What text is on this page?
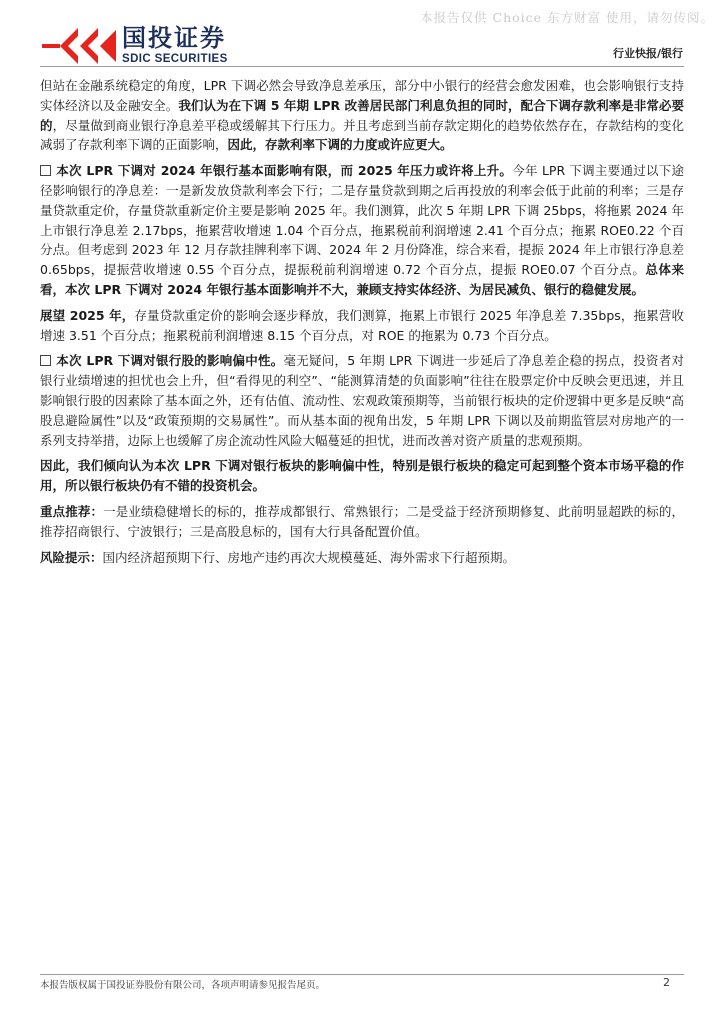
本报告仅供 Choice 东方财富 使用，请勿传阅。
国投证券
SDIC SECURITIES	行业快报/银行
但站在金融系统稳定的角度，LPR 下调必然会导致净息差承压，部分中小银行的经营会愈发困难，也会影响银行支持实体经济以及金融安全。我们认为在下调 5 年期 LPR 改善居民部门利息负担的同时，配合下调存款利率是非常必要的，尽量做到商业银行净息差平稳或缓解其下行压力。并且考虑到当前存款定期化的趋势依然存在，存款结构的变化减弱了存款利率下调的正面影响，因此，存款利率下调的力度或许应更大。
本次 LPR 下调对 2024 年银行基本面影响有限，而 2025 年压力或许将上升。今年 LPR 下调主要通过以下途径影响银行的净息差：一是新发放贷款利率会下行；二是存量贷款到期之后再投放的利率会低于此前的利率；三是存量贷款重定价，存量贷款重新定价主要是影响 2025 年。我们测算，此次 5 年期 LPR 下调 25bps，将拖累 2024 年上市银行净息差 2.17bps，拖累营收增速 1.04 个百分点，拖累税前利润增速 2.41 个百分点；拖累 ROE0.22 个百分点。但考虑到 2023 年 12 月存款挂牌利率下调、2024 年 2 月份降准，综合来看，提振 2024 年上市银行净息差 0.65bps，提振营收增速 0.55 个百分点，提振税前利润增速 0.72 个百分点，提振 ROE0.07 个百分点。总体来看，本次 LPR 下调对 2024 年银行基本面影响并不大，兼顾支持实体经济、为居民减负、银行的稳健发展。
展望 2025 年，存量贷款重定价的影响会逐步释放，我们测算，拖累上市银行 2025 年净息差 7.35bps，拖累营收增速 3.51 个百分点；拖累税前利润增速 8.15 个百分点，对 ROE 的拖累为 0.73 个百分点。
本次 LPR 下调对银行股的影响偏中性。毫无疑问，5 年期 LPR 下调进一步延后了净息差企稳的拐点，投资者对银行业绩增速的担忧也会上升，但“看得见的利空”、“能测算清楚的负面影响”往往在股票定价中反映会更迅速，并且影响银行股的因素除了基本面之外，还有估值、流动性、宏观政策预期等，当前银行板块的定价逻辑中更多是反映“高股息避险属性”以及“政策预期的交易属性”。而从基本面的视角出发，5 年期 LPR 下调以及前期监管层对房地产的一系列支持举措，边际上也缓解了房企流动性风险大幅蔓延的担忧，进而改善对资产质量的悲观预期。
因此，我们倾向认为本次 LPR 下调对银行板块的影响偏中性，特别是银行板块的稳定可起到整个资本市场平稳的作用，所以银行板块仍有不错的投资机会。
重点推荐：一是业绩稳健增长的标的，推荐成都银行、常熟银行；二是受益于经济预期修复、此前明显超跌的标的，推荐招商银行、宁波银行；三是高股息标的，国有大行具备配置价值。
风险提示：国内经济超预期下行、房地产违约再次大规模蔓延、海外需求下行超预期。
本报告版权属于国投证券股份有限公司，各项声明请参见报告尾页。	2
